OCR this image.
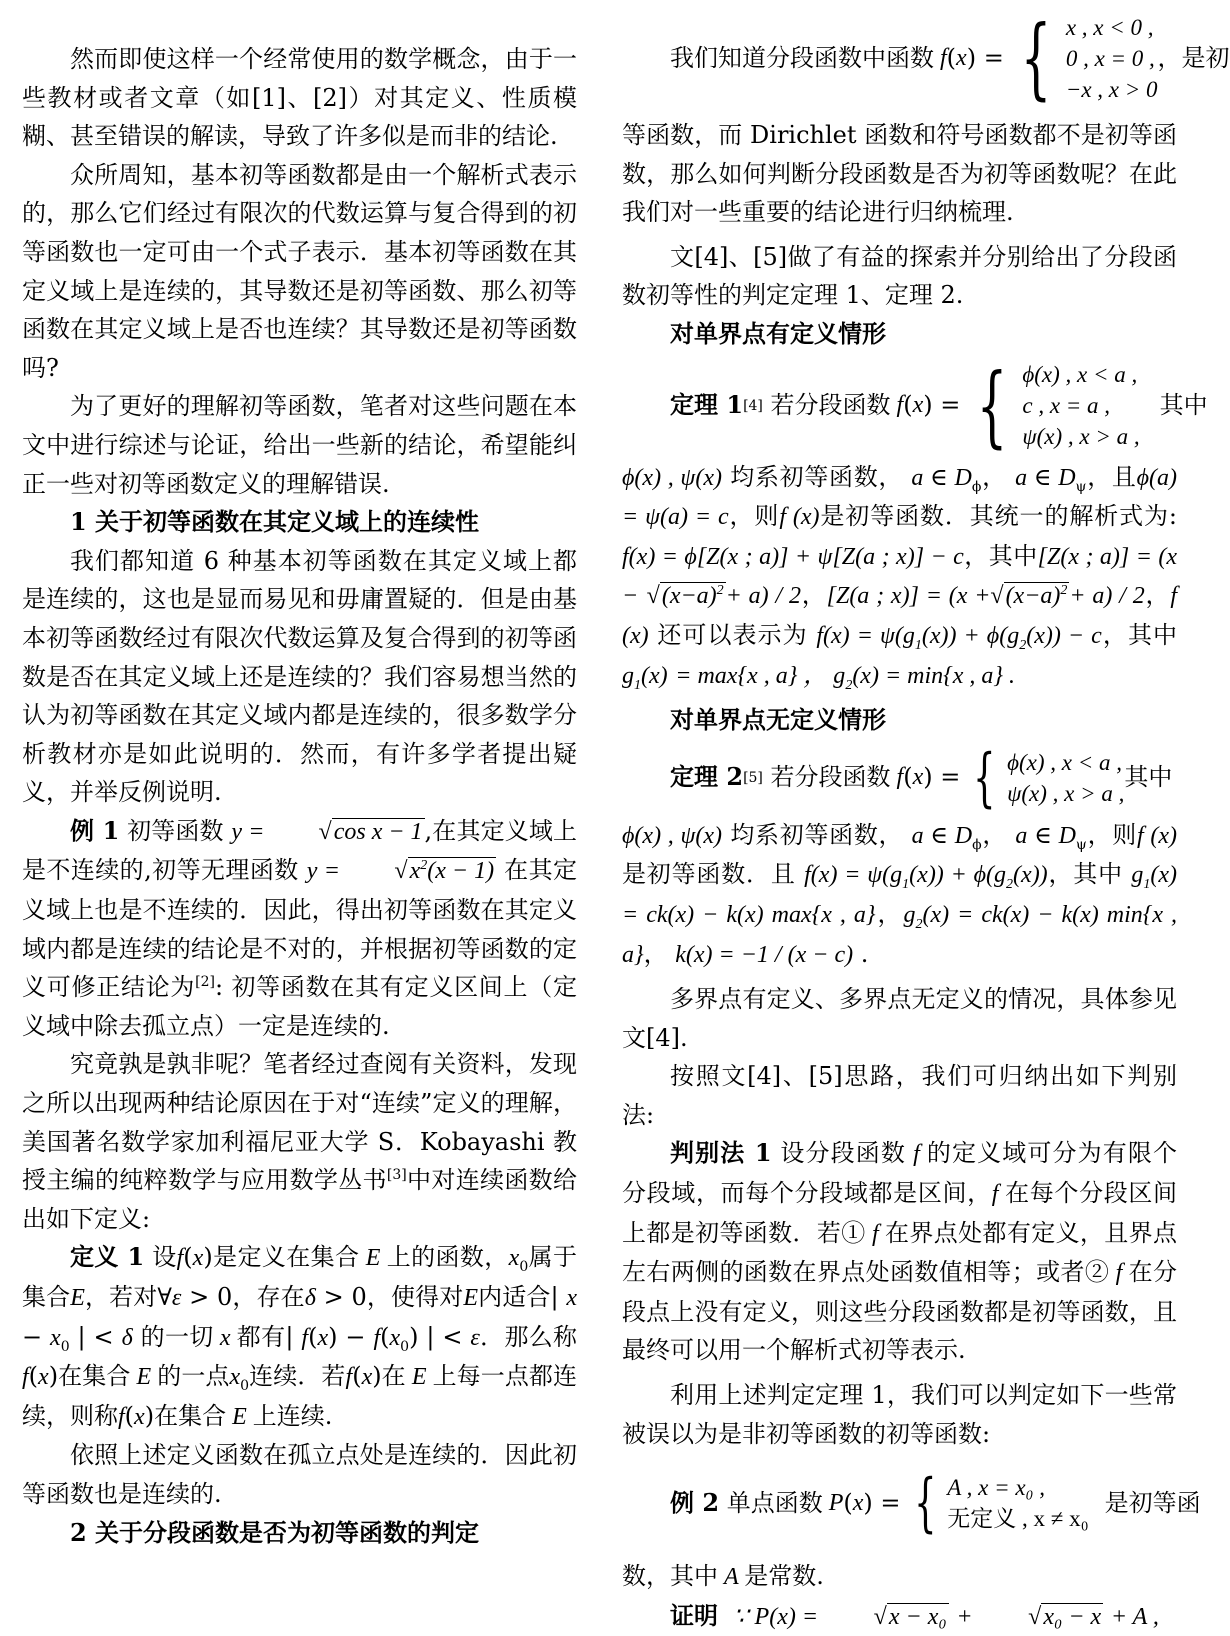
然而即使这样一个经常使用的数学概念，由于一些教材或者文章（如[1]、[2]）对其定义、性质模糊、甚至错误的解读，导致了许多似是而非的结论.

众所周知，基本初等函数都是由一个解析式表示的，那么它们经过有限次的代数运算与复合得到的初等函数也一定可由一个式子表示．基本初等函数在其定义域上是连续的，其导数还是初等函数、那么初等函数在其定义域上是否也连续？其导数还是初等函数吗?

为了更好的理解初等函数，笔者对这些问题在本文中进行综述与论证，给出一些新的结论，希望能纠正一些对初等函数定义的理解错误.

1 关于初等函数在其定义域上的连续性

我们都知道 6 种基本初等函数在其定义域上都是连续的，这也是显而易见和毋庸置疑的．但是由基本初等函数经过有限次代数运算及复合得到的初等函数是否在其定义域上还是连续的？我们容易想当然的认为初等函数在其定义域内都是连续的，很多数学分析教材亦是如此说明的．然而，有许多学者提出疑义，并举反例说明.

例 1 初等函数 y = √cos x − 1,在其定义域上是不连续的,初等无理函数 $y = √x^2(x - 1)$ 在其定义域上也是不连续的．因此，得出初等函数在其定义域内都是连续的结论是不对的，并根据初等函数的定义可修正结论为[2]: 初等函数在其有定义区间上（定义域中除去孤立点）一定是连续的.

究竟孰是孰非呢？笔者经过查阅有关资料，发现之所以出现两种结论原因在于对“连续”定义的理解，美国著名数学家加利福尼亚大学 S．Kobayashi 教授主编的纯粹数学与应用数学丛书[3]中对连续函数给出如下定义:

定义 1 设f(x)是定义在集合 E 上的函数，$x_0$属于集合E，若对∀ε > 0，存在δ > 0，使得对E内适合| $x - x_0$ | < δ 的一切 x 都有| $f(x) - f(x_0)$ | < ε．那么称f(x)在集合 E 的一点$x_0$连续．若f(x)在 E 上每一点都连续，则称f(x)在集合 E 上连续.

依照上述定义函数在孤立点处是连续的．因此初等函数也是连续的.

2 关于分段函数是否为初等函数的判定

我们知道分段函数中函数 f ( x ) = { x , x < 0 ,
0 , x = 0 ,
−x , x > 0
，是初

等函数，而 Dirichlet 函数和符号函数都不是初等函数，那么如何判断分段函数是否为初等函数呢？在此我们对一些重要的结论进行归纳梳理.

文[4]、[5]做了有益的探索并分别给出了分段函数初等性的判定定理 1、定理 2.

对单界点有定义情形

定理 1 [4]
若分段函数 f ( x ) = { ϕ(x) , x < a ,
c , x = a ,
ψ(x) , x > a ,
其中

ϕ(x) , ψ(x) 均系初等函数， a ∈ $D_\phi$， a ∈ $D_\psi$，且ϕ(a) = ψ(a) = c，则f (x)是初等函数．其统一的解析式为: f(x) = ϕ[Z(x ; a)] + ψ[Z(a ; x)] − c，其中[Z(x ; $a)] = (x - √(x-a)^2+ a) / 2$，[Z(a ; $x)] = (x +√(x-a)^2+ a) / 2$，f (x) 还可以表示为 $f(x) = \psi(g_1(x)) + \phi(g_2(x)) - c$，其中 $g_1(x) = \max\{x$ , a} ， $g_2(x) = \min\{x$ , a} .

对单界点无定义情形

定理 2 [5]
若分段函数 f ( x ) = { ϕ(x) , x < a ,
ψ(x) , x > a ,
其中

ϕ(x) , ψ(x) 均系初等函数， a ∈ $D_\phi$， a ∈ $D_\psi$，则f (x) 是初等函数．且 $f(x) = \psi(g_1(x)) + \phi(g_2(x))$，其中 $g_1(x) = ck(x) - k(x)$ max{x , a}，$g_2(x) = ck(x) - k(x)$ min{x , a}， k(x) = −1 / (x − c) .

多界点有定义、多界点无定义的情况，具体参见文[4].

按照文[4]、[5]思路，我们可归纳出如下判别法:

判别法 1 设分段函数 f 的定义域可分为有限个分段域，而每个分段域都是区间，f 在每个分段区间上都是初等函数．若① f 在界点处都有定义，且界点左右两侧的函数在界点处函数值相等；或者② f 在分段点上没有定义，则这些分段函数都是初等函数，且最终可以用一个解析式初等表示.

利用上述判定定理 1，我们可以判定如下一些常被误以为是非初等函数的初等函数:

例 2
单点函数 P ( x ) = { A , x = x₀ ,
无定义 , x ≠ x₀
是初等函

数，其中 A 是常数.

证明 ∵ P(x) = √x − x₀ + √x₀ − x + A ,
